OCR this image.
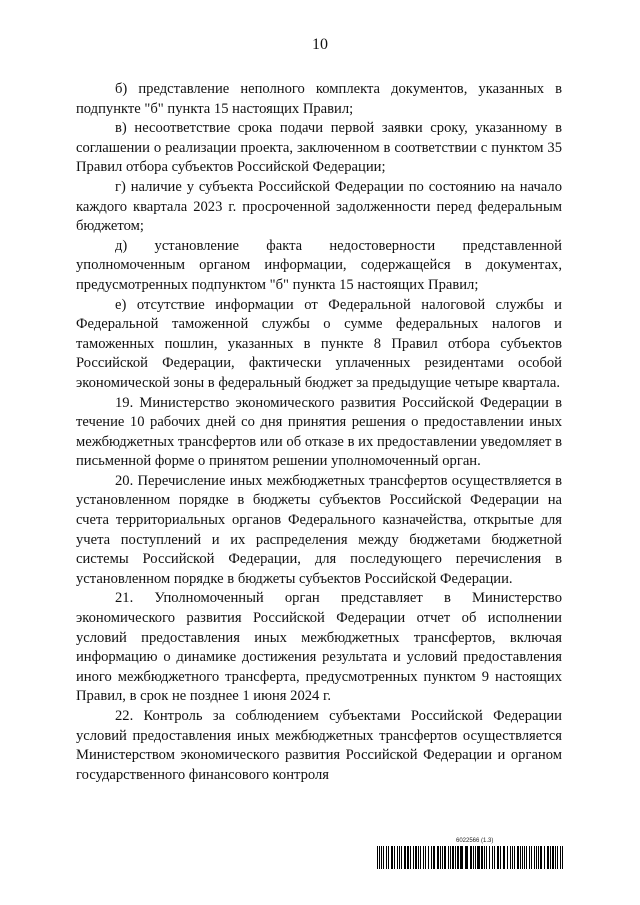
10

б) представление неполного комплекта документов, указанных в подпункте "б" пункта 15 настоящих Правил;

в) несоответствие срока подачи первой заявки сроку, указанному в соглашении о реализации проекта, заключенном в соответствии с пунктом 35 Правил отбора субъектов Российской Федерации;

г) наличие у субъекта Российской Федерации по состоянию на начало каждого квартала 2023 г. просроченной задолженности перед федеральным бюджетом;

д) установление факта недостоверности представленной уполномоченным органом информации, содержащейся в документах, предусмотренных подпунктом "б" пункта 15 настоящих Правил;

е) отсутствие информации от Федеральной налоговой службы и Федеральной таможенной службы о сумме федеральных налогов и таможенных пошлин, указанных в пункте 8 Правил отбора субъектов Российской Федерации, фактически уплаченных резидентами особой экономической зоны в федеральный бюджет за предыдущие четыре квартала.

19. Министерство экономического развития Российской Федерации в течение 10 рабочих дней со дня принятия решения о предоставлении иных межбюджетных трансфертов или об отказе в их предоставлении уведомляет в письменной форме о принятом решении уполномоченный орган.

20. Перечисление иных межбюджетных трансфертов осуществляется в установленном порядке в бюджеты субъектов Российской Федерации на счета территориальных органов Федерального казначейства, открытые для учета поступлений и их распределения между бюджетами бюджетной системы Российской Федерации, для последующего перечисления в установленном порядке в бюджеты субъектов Российской Федерации.

21. Уполномоченный орган представляет в Министерство экономического развития Российской Федерации отчет об исполнении условий предоставления иных межбюджетных трансфертов, включая информацию о динамике достижения результата и условий предоставления иного межбюджетного трансферта, предусмотренных пунктом 9 настоящих Правил, в срок не позднее 1 июня 2024 г.

22. Контроль за соблюдением субъектами Российской Федерации условий предоставления иных межбюджетных трансфертов осуществляется Министерством экономического развития Российской Федерации и органом государственного финансового контроля

6022566 (1.3)
